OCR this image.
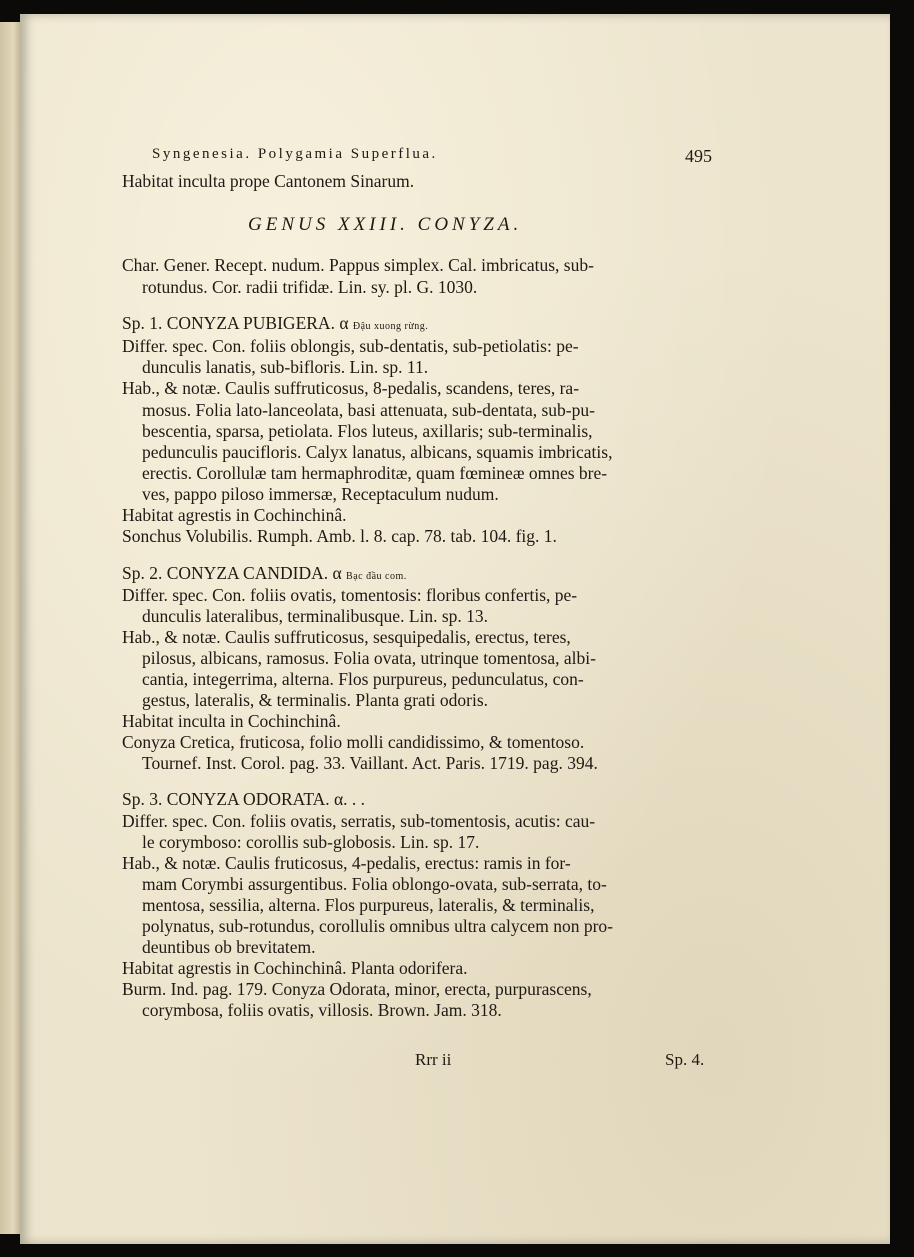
Syngenesia. Polygamia Superflua.	495
Habitat inculta prope Cantonem Sinarum.
GENUS XXIII. CONYZA.
Char. Gener. Recept. nudum. Pappus simplex. Cal. imbricatus, sub-
rotundus. Cor. radii trifidæ. Lin. sy. pl. G. 1030.
Sp. 1. CONYZA PUBIGERA. α Đậu xuong rừng.
Differ. spec. Con. foliis oblongis, sub-dentatis, sub-petiolatis: pe-
dunculis lanatis, sub-bifloris. Lin. sp. 11.
Hab., & notæ. Caulis suffruticosus, 8-pedalis, scandens, teres, ra-
mosus. Folia lato-lanceolata, basi attenuata, sub-dentata, sub-pu-
bescentia, sparsa, petiolata. Flos luteus, axillaris; sub-terminalis,
pedunculis paucifloris. Calyx lanatus, albicans, squamis imbricatis,
erectis. Corollulæ tam hermaphroditæ, quam fœmineæ omnes bre-
ves, pappo piloso immersæ, Receptaculum nudum.
Habitat agrestis in Cochinchinâ.
Sonchus Volubilis. Rumph. Amb. l. 8. cap. 78. tab. 104. fig. 1.
Sp. 2. CONYZA CANDIDA. α Bạc đầu com.
Differ. spec. Con. foliis ovatis, tomentosis: floribus confertis, pe-
dunculis lateralibus, terminalibusque. Lin. sp. 13.
Hab., & notæ. Caulis suffruticosus, sesquipedalis, erectus, teres,
pilosus, albicans, ramosus. Folia ovata, utrinque tomentosa, albi-
cantia, integerrima, alterna. Flos purpureus, pedunculatus, con-
gestus, lateralis, & terminalis. Planta grati odoris.
Habitat inculta in Cochinchinâ.
Conyza Cretica, fruticosa, folio molli candidissimo, & tomentoso.
Tournef. Inst. Corol. pag. 33. Vaillant. Act. Paris. 1719. pag. 394.
Sp. 3. CONYZA ODORATA. α. . .
Differ. spec. Con. foliis ovatis, serratis, sub-tomentosis, acutis: cau-
le corymboso: corollis sub-globosis. Lin. sp. 17.
Hab., & notæ. Caulis fruticosus, 4-pedalis, erectus: ramis in for-
mam Corymbi assurgentibus. Folia oblongo-ovata, sub-serrata, to-
mentosa, sessilia, alterna. Flos purpureus, lateralis, & terminalis,
polynatus, sub-rotundus, corollulis omnibus ultra calycem non pro-
deuntibus ob brevitatem.
Habitat agrestis in Cochinchinâ. Planta odorifera.
Burm. Ind. pag. 179. Conyza Odorata, minor, erecta, purpurascens,
corymbosa, foliis ovatis, villosis. Brown. Jam. 318.
Rrr ii	Sp. 4.
